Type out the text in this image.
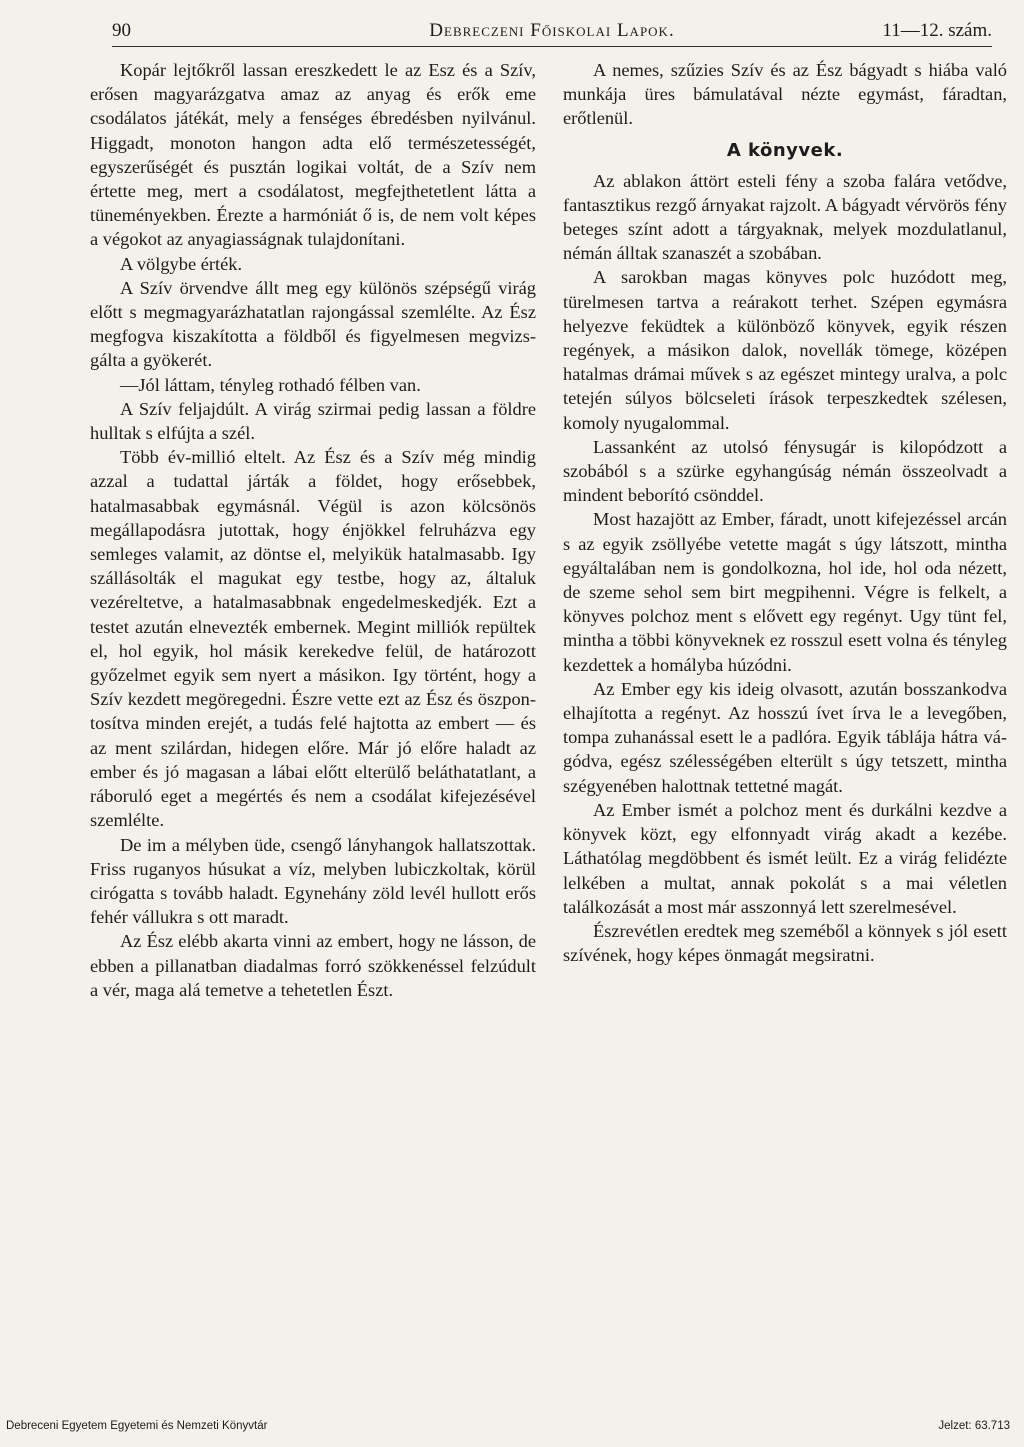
90	Debreczeni Főiskolai Lapok.	11—12. szám.

Kopár lejtőkről lassan ereszkedett le az Esz és a Szív, erősen magyarázgatva amaz az anyag és erők eme csodálatos játékát, mely a fenséges ébredésben nyilvánul. Higgadt, monoton hangon adta elő természetességét, egyszerűségét és pusztán logikai voltát, de a Szív nem értette meg, mert a csodálatost, megfejthetetlent látta a tüneményekben. Érezte a harmóniát ő is, de nem volt képes a végokot az anyagiasságnak tulajdonítani.

A völgybe érték.

A Szív örvendve állt meg egy különös szépségű virág előtt s megmagyarázhatatlan rajongással szemlélte. Az Ész megfogva kiszakította a földből és figyelmesen megvizsgálta a gyökerét.

—Jól láttam, tényleg rothadó félben van.

A Szív feljajdúlt. A virág szirmai pedig lassan a földre hulltak s elfújta a szél.

Több év-millió eltelt. Az Ész és a Szív még mindig azzal a tudattal járták a földet, hogy erősebbek, hatalmasabbak egymásnál. Végül is azon kölcsönös megállapodásra jutottak, hogy énjökkel felruházva egy semleges valamit, az döntse el, melyikük hatalmasabb. Igy szállásolták el magukat egy testbe, hogy az, általuk vezéreltetve, a hatalmasabbnak engedelmeskedjék. Ezt a testet azután elnevezték embernek. Megint milliók repültek el, hol egyik, hol másik kerekedve felül, de határozott győzelmet egyik sem nyert a másikon. Igy történt, hogy a Szív kezdett megöregedni. Észre vette ezt az Ész és öszpontosítva minden erejét, a tudás felé hajtotta az embert — és az ment szilárdan, hidegen előre. Már jó előre haladt az ember és jó magasan a lábai előtt elterülő beláthatatlant, a ráboruló eget a megértés és nem a csodálat kifejezésével szemlélte.

De im a mélyben üde, csengő lányhangok hallatszottak. Friss ruganyos húsukat a víz, melyben lubiczkoltak, körül cirógatta s tovább haladt. Egynehány zöld levél hullott erős fehér vállukra s ott maradt.

Az Ész elébb akarta vinni az embert, hogy ne lásson, de ebben a pillanatban diadalmas forró szökkenéssel felzúdult a vér, maga alá temetve a tehetetlen Észt.

A nemes, szűzies Szív és az Ész bágyadt s hiába való munkája üres bámulatával nézte egymást, fáradtan, erőtlenül.

A könyvek.

Az ablakon áttört esteli fény a szoba falára vetődve, fantasztikus rezgő árnyakat rajzolt. A bágyadt vérvörös fény beteges színt adott a tárgyaknak, melyek mozdulatlanul, némán álltak szanaszét a szobában.

A sarokban magas könyves polc huzódott meg, türelmesen tartva a reárakott terhet. Szépen egymásra helyezve feküdtek a különböző könyvek, egyik részen regények, a másikon dalok, novellák tömege, középen hatalmas drámai művek s az egészet mintegy uralva, a polc tetején súlyos bölcseleti írások terpeszkedtek szélesen, komoly nyugalommal.

Lassanként az utolsó fénysugár is kilopódzott a szobából s a szürke egyhangúság némán összeolvadt a mindent beborító csönddel.

Most hazajött az Ember, fáradt, unott kifejezéssel arcán s az egyik zsöllyébe vetette magát s úgy látszott, mintha egyáltalában nem is gondolkozna, hol ide, hol oda nézett, de szeme sehol sem birt megpihenni. Végre is felkelt, a könyves polchoz ment s elővett egy regényt. Ugy tünt fel, mintha a többi könyveknek ez rosszul esett volna és tényleg kezdettek a homályba húzódni.

Az Ember egy kis ideig olvasott, azután bosszankodva elhajította a regényt. Az hosszú ívet írva le a levegőben, tompa zuhanással esett le a padlóra. Egyik táblája hátra vágódva, egész szélességében elterült s úgy tetszett, mintha szégyenében halottnak tettetné magát.

Az Ember ismét a polchoz ment és durkálni kezdve a könyvek közt, egy elfonnyadt virág akadt a kezébe. Láthatólag megdöbbent és ismét leült. Ez a virág felidézte lelkében a multat, annak pokolát s a mai véletlen találkozását a most már asszonnyá lett szerelmesével.

Észrevétlen eredtek meg szeméből a könnyek s jól esett szívének, hogy képes önmagát megsiratni.

Debreceni Egyetem Egyetemi és Nemzeti Könyvtár	Jelzet: 63.713
